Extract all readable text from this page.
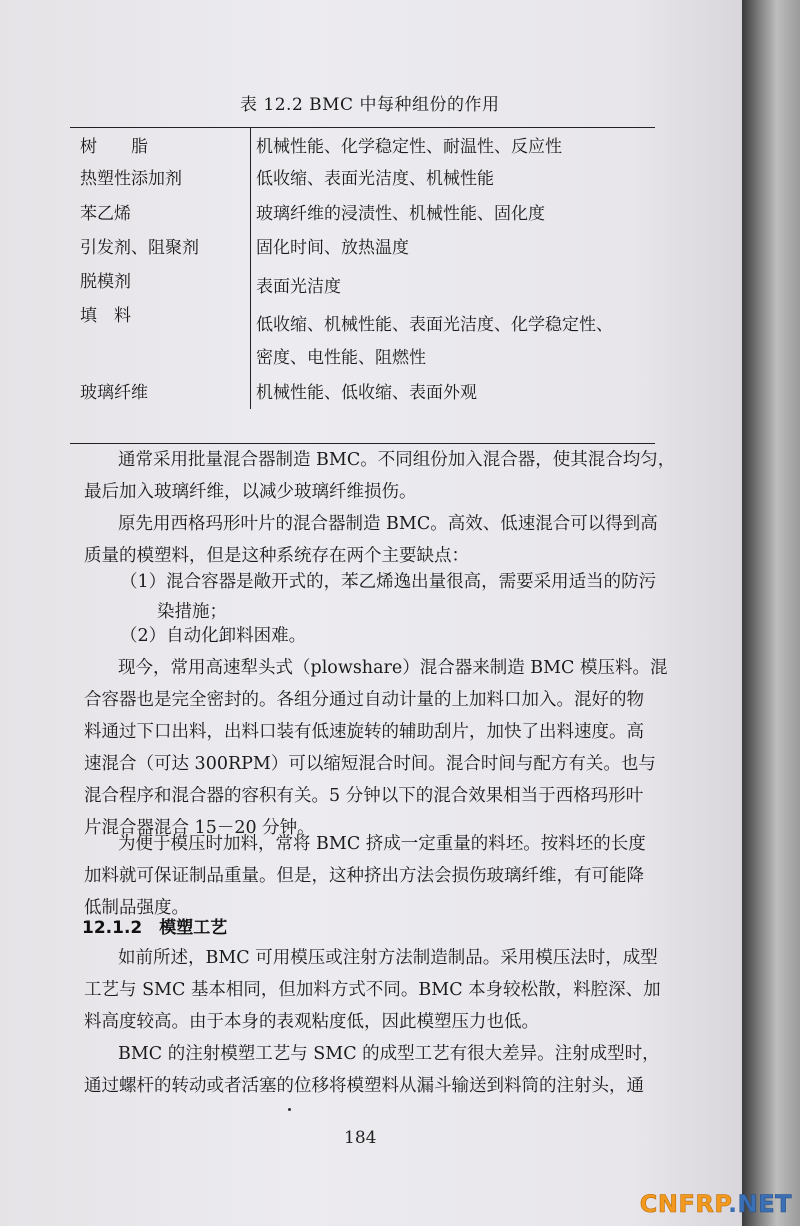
表 12.2 BMC 中每种组份的作用
树　　脂	机械性能、化学稳定性、耐温性、反应性
热塑性添加剂	低收缩、表面光洁度、机械性能
苯乙烯	玻璃纤维的浸渍性、机械性能、固化度
引发剂、阻聚剂	固化时间、放热温度
脱模剂	表面光洁度
填　料	低收缩、机械性能、表面光洁度、化学稳定性、
密度、电性能、阻燃性
玻璃纤维	机械性能、低收缩、表面外观
通常采用批量混合器制造 BMC。不同组份加入混合器，使其混合均匀，
最后加入玻璃纤维，以减少玻璃纤维损伤。
原先用西格玛形叶片的混合器制造 BMC。高效、低速混合可以得到高
质量的模塑料，但是这种系统存在两个主要缺点：
（1）混合容器是敞开式的，苯乙烯逸出量很高，需要采用适当的防污
染措施；
（2）自动化卸料困难。
现今，常用高速犁头式（plowshare）混合器来制造 BMC 模压料。混
合容器也是完全密封的。各组分通过自动计量的上加料口加入。混好的物
料通过下口出料，出料口装有低速旋转的辅助刮片，加快了出料速度。高
速混合（可达 300RPM）可以缩短混合时间。混合时间与配方有关。也与
混合程序和混合器的容积有关。5 分钟以下的混合效果相当于西格玛形叶
片混合器混合 15－20 分钟。
为便于模压时加料，常将 BMC 挤成一定重量的料坯。按料坯的长度
加料就可保证制品重量。但是，这种挤出方法会损伤玻璃纤维，有可能降
低制品强度。
12.1.2　模塑工艺
如前所述，BMC 可用模压或注射方法制造制品。采用模压法时，成型
工艺与 SMC 基本相同，但加料方式不同。BMC 本身较松散，料腔深、加
料高度较高。由于本身的表观粘度低，因此模塑压力也低。
BMC 的注射模塑工艺与 SMC 的成型工艺有很大差异。注射成型时，
通过螺杆的转动或者活塞的位移将模塑料从漏斗输送到料筒的注射头，通
184
CNFRP.NET
